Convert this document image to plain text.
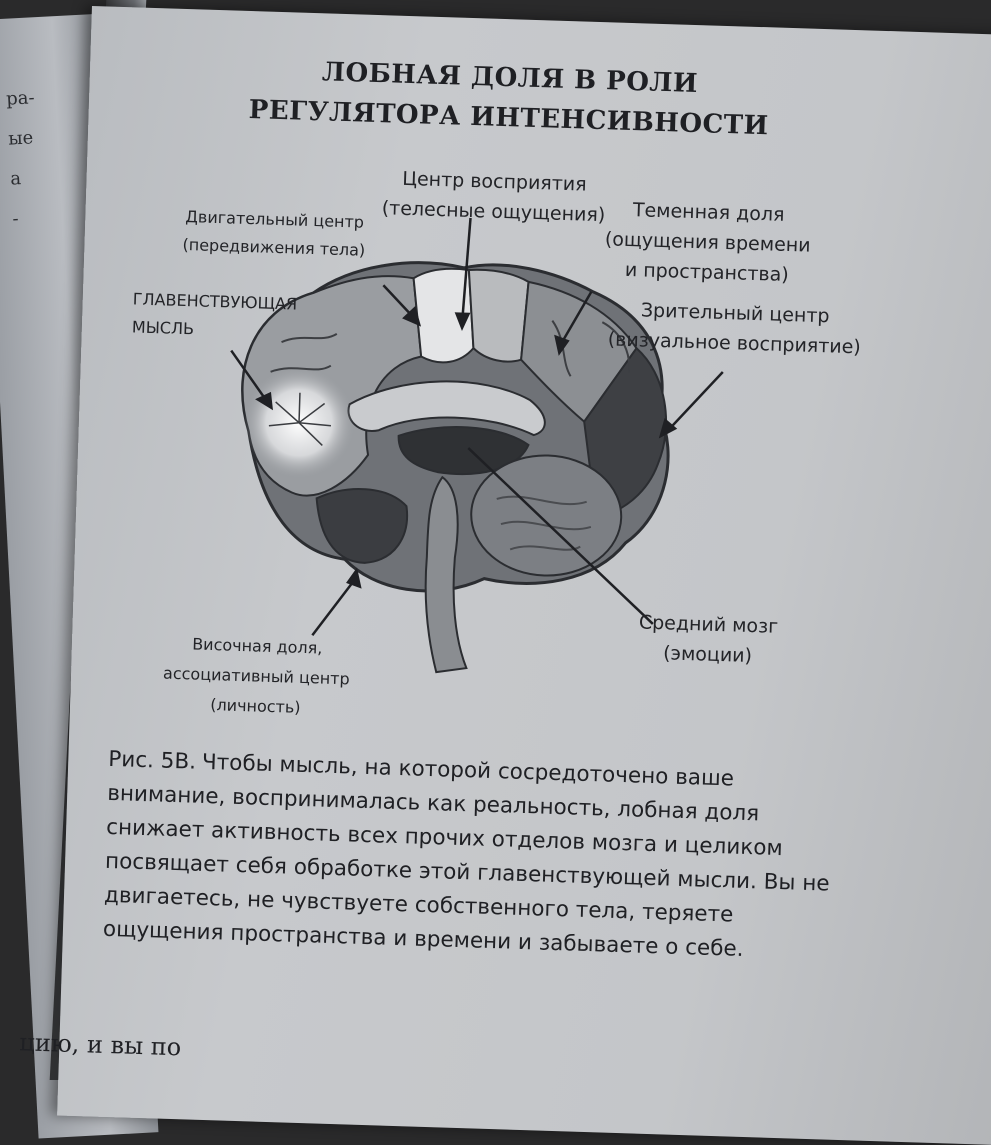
ра-
ые
а
-
ЛОБНАЯ ДОЛЯ В РОЛИ
РЕГУЛЯТОРА ИНТЕНСИВНОСТИ
Центр восприятия
(телесные ощущения)
Двигательный центр
(передвижения тела)
Теменная доля
(ощущения времени
и пространства)
ГЛАВЕНСТВУЮЩАЯ
МЫСЛЬ
Зрительный центр
(визуальное восприятие)
Средний мозг
(эмоции)
Височная доля,
ассоциативный центр
(личность)
Рис. 5В. Чтобы мысль, на которой сосредоточено ваше внимание, воспринималась как реальность, лобная доля снижает активность всех прочих отделов мозга и целиком посвящает себя обработке этой главенствующей мысли. Вы не двигаетесь, не чувствуете собственного тела, теряете ощущения пространства и времени и забываете о себе.
цию, и вы по
